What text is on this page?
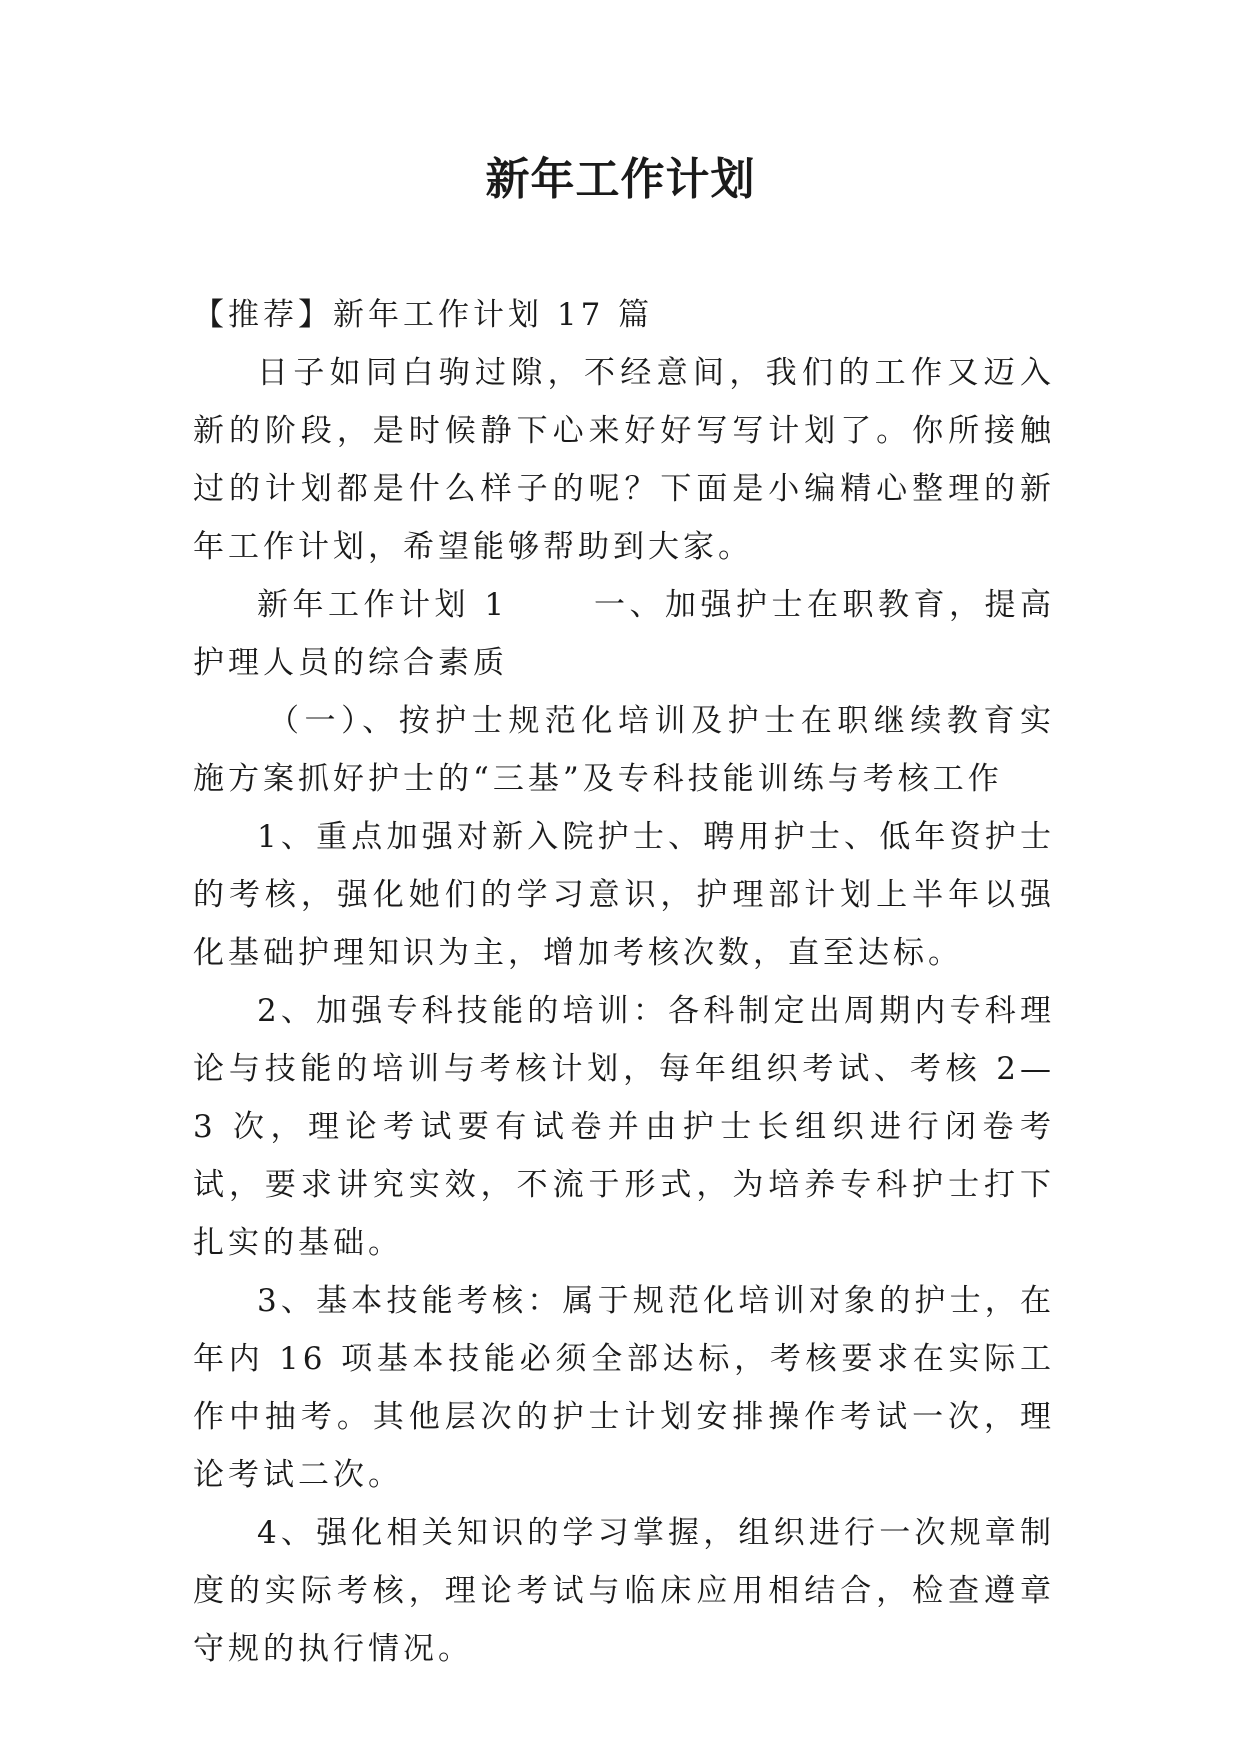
新年工作计划

【推荐】新年工作计划 17 篇

日子如同白驹过隙，不经意间，我们的工作又迈入新的阶段，是时候静下心来好好写写计划了。你所接触过的计划都是什么样子的呢？下面是小编精心整理的新年工作计划，希望能够帮助到大家。

新年工作计划 1　　 一、加强护士在职教育，提高护理人员的综合素质

（一）、按护士规范化培训及护士在职继续教育实施方案抓好护士的“三基”及专科技能训练与考核工作

1、重点加强对新入院护士、聘用护士、低年资护士的考核，强化她们的学习意识，护理部计划上半年以强化基础护理知识为主，增加考核次数，直至达标。

2、加强专科技能的培训：各科制定出周期内专科理论与技能的培训与考核计划，每年组织考试、考核 2—3 次，理论考试要有试卷并由护士长组织进行闭卷考试，要求讲究实效，不流于形式，为培养专科护士打下扎实的基础。

3、基本技能考核：属于规范化培训对象的护士，在年内 16 项基本技能必须全部达标，考核要求在实际工作中抽考。其他层次的护士计划安排操作考试一次，理论考试二次。

4、强化相关知识的学习掌握，组织进行一次规章制度的实际考核，理论考试与临床应用相结合，检查遵章守规的执行情况。
